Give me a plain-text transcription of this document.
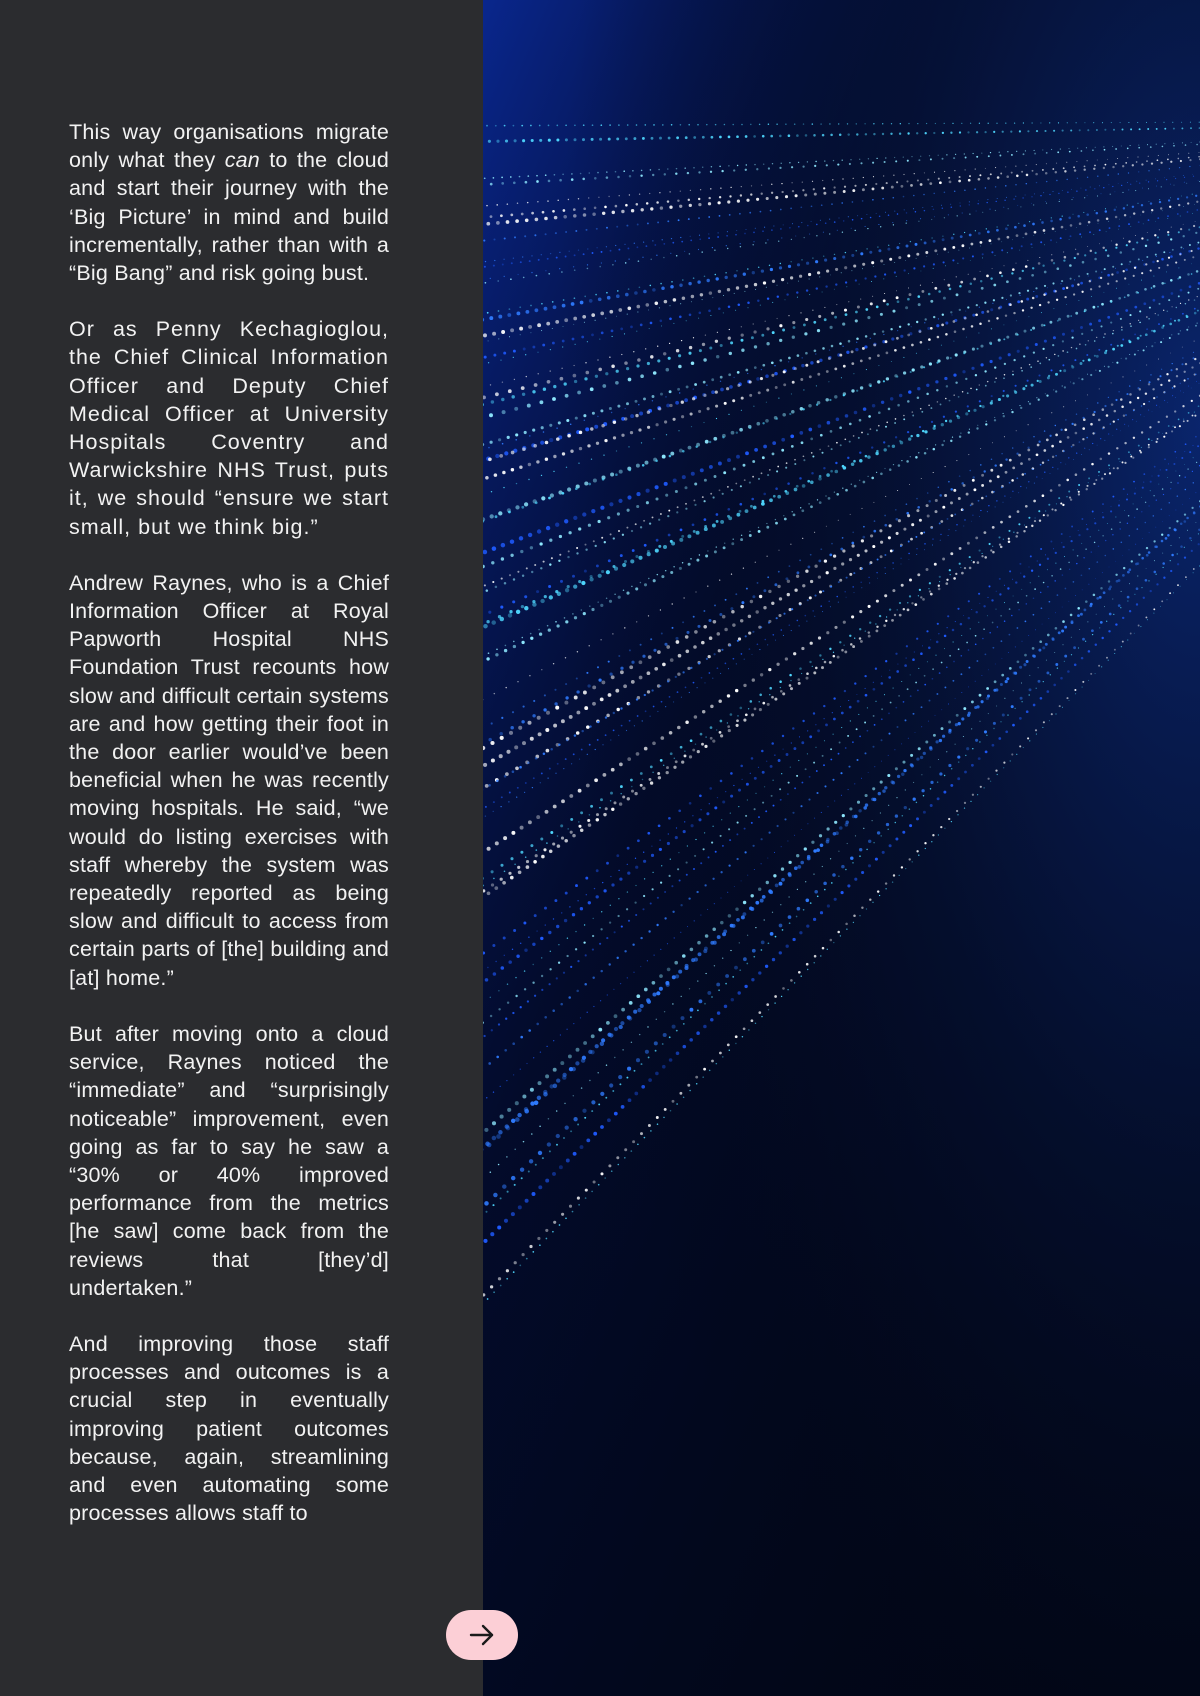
This way organisations migrate only what they can to the cloud and start their journey with the ‘Big Picture’ in mind and build incrementally, rather than with a “Big Bang” and risk going bust.

Or as Penny Kechagioglou, the Chief Clinical Information Officer and Deputy Chief Medical Officer at University Hospitals Coventry and Warwickshire NHS Trust, puts it, we should “ensure we start small, but we think big.”

Andrew Raynes, who is a Chief Information Officer at Royal Papworth Hospital NHS Foundation Trust recounts how slow and difficult certain systems are and how getting their foot in the door earlier would’ve been beneficial when he was recently moving hospitals. He said, “we would do listing exercises with staff whereby the system was repeatedly reported as being slow and difficult to access from certain parts of [the] building and [at] home.”

But after moving onto a cloud service, Raynes noticed the “immediate” and “surprisingly noticeable” improvement, even going as far to say he saw a “30% or 40% improved performance from the metrics [he saw] come back from the reviews that [they’d] undertaken.”

And improving those staff processes and outcomes is a crucial step in eventually improving patient outcomes because, again, streamlining and even automating some processes allows staff to
